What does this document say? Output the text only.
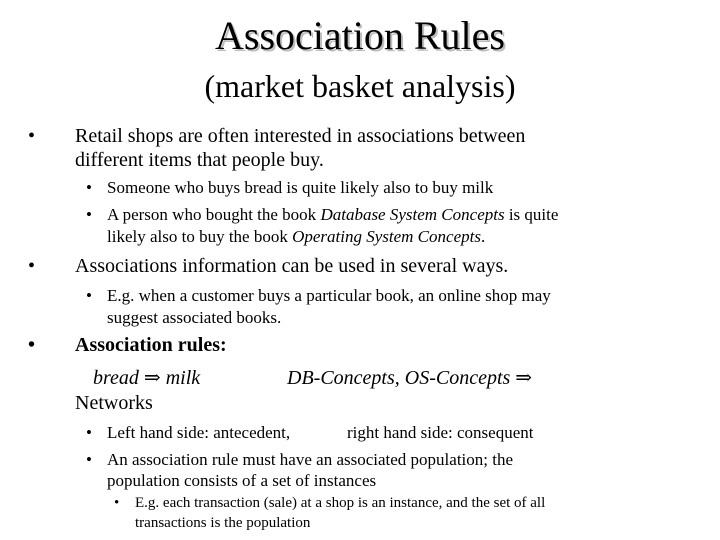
Association Rules
(market basket analysis)
• Retail shops are often interested in associations between
different items that people buy.
• Someone who buys bread is quite likely also to buy milk
• A person who bought the book Database System Concepts is quite
likely also to buy the book Operating System Concepts.
• Associations information can be used in several ways.
• E.g. when a customer buys a particular book, an online shop may
suggest associated books.
• Association rules:
bread ⇒ milk	DB-Concepts, OS-Concepts ⇒
Networks
• Left hand side: antecedent,	right hand side: consequent
• An association rule must have an associated population; the
population consists of a set of instances
• E.g. each transaction (sale) at a shop is an instance, and the set of all
transactions is the population
